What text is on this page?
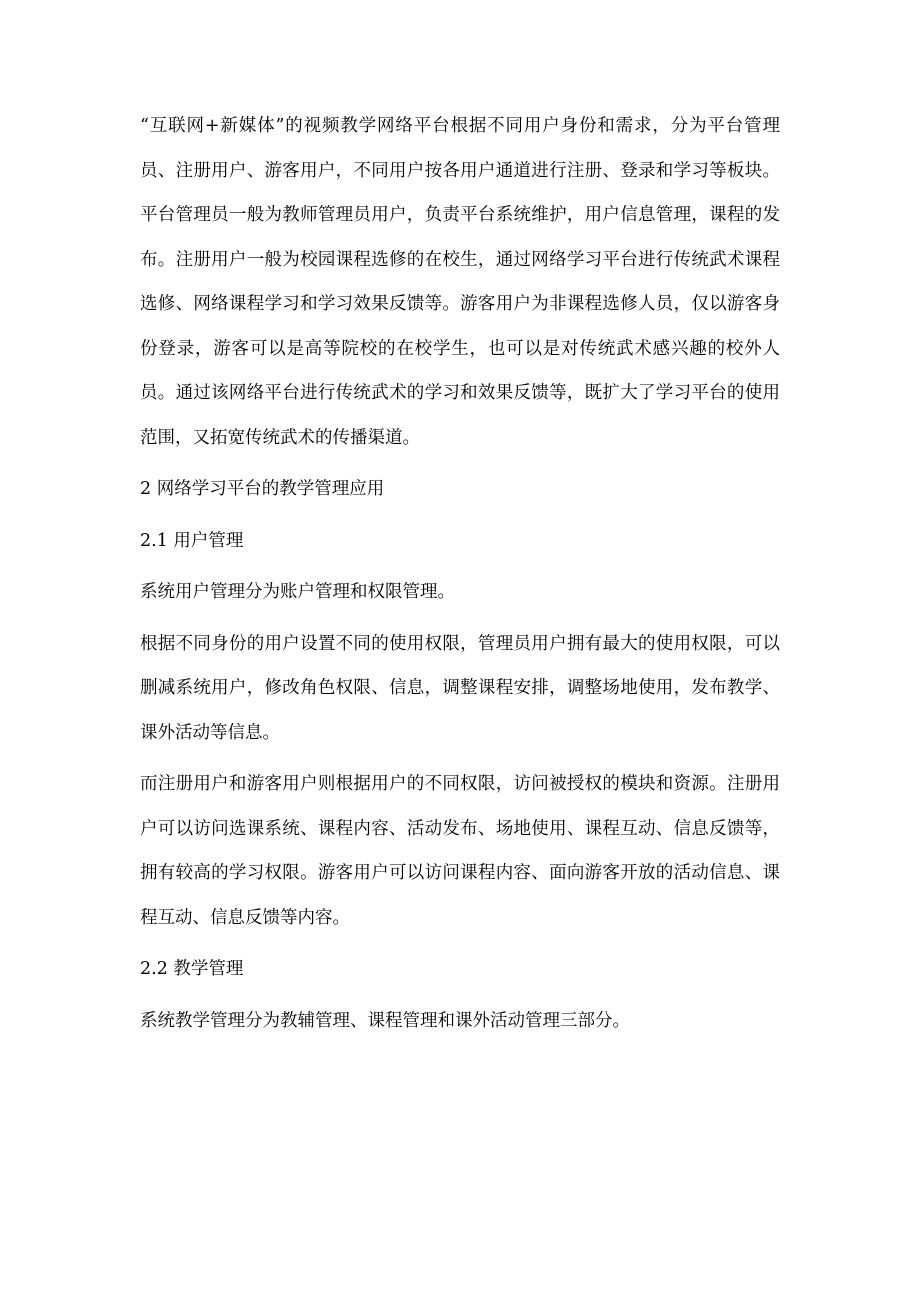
“互联网+新媒体”的视频教学网络平台根据不同用户身份和需求，分为平台管理员、注册用户、游客用户，不同用户按各用户通道进行注册、登录和学习等板块。平台管理员一般为教师管理员用户，负责平台系统维护，用户信息管理，课程的发布。注册用户一般为校园课程选修的在校生，通过网络学习平台进行传统武术课程选修、网络课程学习和学习效果反馈等。游客用户为非课程选修人员，仅以游客身份登录，游客可以是高等院校的在校学生，也可以是对传统武术感兴趣的校外人员。通过该网络平台进行传统武术的学习和效果反馈等，既扩大了学习平台的使用范围，又拓宽传统武术的传播渠道。

2 网络学习平台的教学管理应用

2.1 用户管理

系统用户管理分为账户管理和权限管理。

根据不同身份的用户设置不同的使用权限，管理员用户拥有最大的使用权限，可以删减系统用户，修改角色权限、信息，调整课程安排，调整场地使用，发布教学、课外活动等信息。

而注册用户和游客用户则根据用户的不同权限，访问被授权的模块和资源。注册用户可以访问选课系统、课程内容、活动发布、场地使用、课程互动、信息反馈等，拥有较高的学习权限。游客用户可以访问课程内容、面向游客开放的活动信息、课程互动、信息反馈等内容。

2.2 教学管理

系统教学管理分为教辅管理、课程管理和课外活动管理三部分。
